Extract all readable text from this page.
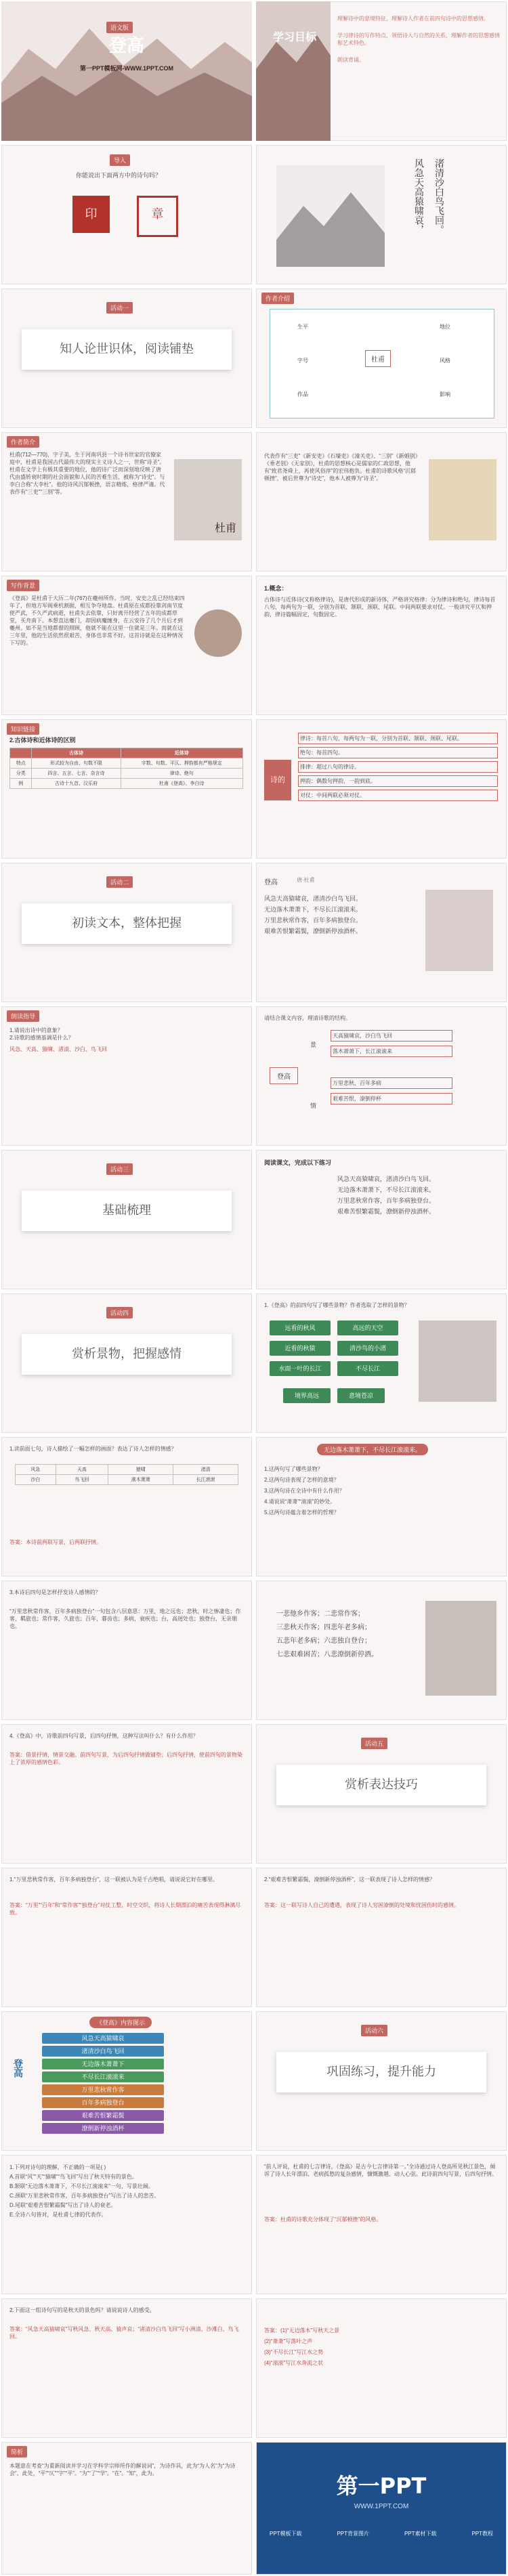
语文版
登高
第一PPT模板网-WWW.1PPT.COM
学习目标
理解诗中的意境特征，理解诗人作者在前四句诗中的思想感情。
学习律诗的写作特点，领悟诗人与自然的关系，理解作者的思想感情和艺术特色。
朗读背诵。
导入
你能说出下面两方中的诗句吗？
印	章	风急天高猿啸哀， 渚清沙白鸟飞回。
活动一
知人论世识体，阅读铺垫
作者介绍
杜甫
生平
字号
作品
地位
风格
影响
作者简介
杜甫(712—770)，字子美，生于河南巩县一个诗书世家的官僚家庭中，杜甫是我国古代最伟大的现实主义诗人之一，世称“诗圣”。杜甫在文学上有极其重要的地位，他的诗广泛而深刻地反映了唐代由盛转衰时期的社会面貌和人民的苦难生活，被称为“诗史”。与李白合称“大李杜”。他的诗风沉郁顿挫，语言精炼，格律严谨。代表作有“三吏”“三别”等。
杜甫
代表作有“三吏”《新安吏》《石壕吏》《潼关吏》、“三别”《新婚别》《垂老别》《无家别》，杜甫的思想核心是儒家的仁政思想，他有“致君尧舜上，再使风俗淳”的宏伟抱负。杜甫的诗歌风格“沉郁顿挫”，被后世尊为“诗史”，他本人被尊为“诗圣”。
写作背景
《登高》是杜甫于大历二年(767)在夔州所作。当时，安史之乱已经结束四年了，但地方军阀乘机割据，相互争夺地盘。杜甫原在成都投靠剑南节度使严武，不久严武病逝，杜甫失去依靠，只好离开经营了五年的成都草堂，买舟南下。本想直达夔门，却因病魔缠身，在云安待了几个月后才到夔州。如不是当地都督的照顾，他就不能在这里一住就是三年。而就在这三年里，他的生活依然很艰苦，身体也非常不好。这首诗就是在这种情况下写的。
1.概念：
古体诗与近体诗(又称格律诗)，是唐代形成的新诗体，严格讲究格律：分为律诗和绝句，律诗每首八句，每两句为一联，分别为首联、颔联、颈联、尾联。中间两联要求对仗。一般讲究平仄和押韵，律诗篇幅固定，句数固定。
知识链接
2.古体诗和近体诗的区别
	古体诗	近体诗
特点	形式较为自由，句数不限	字数、句数、平仄、押韵都有严格规定
分类	四言、五言、七言、杂言诗	律诗、绝句
例	古诗十九首、汉乐府	杜甫《登高》、李白诗	诗的
律诗：每首八句，每两句为一联，分别为首联、颔联、颈联、尾联。
绝句：每首四句。
排律：超过八句的律诗。
押韵：偶数句押韵，一韵到底。
对仗：中间两联必须对仗。
活动二
初读文本，整体把握
登高	唐·杜甫
风急天高猿啸哀，渚清沙白鸟飞回。
无边落木萧萧下，不尽长江滚滚来。
万里悲秋常作客，百年多病独登台。
艰难苦恨繁霜鬓，潦倒新停浊酒杯。
朗读指导
1.请说出诗中的意象？
2.诗歌的感情基调是什么？
风急、天高、猿啸、渚清、沙白、鸟飞回
请结合课文内容，理清诗歌的结构。
登高
景
情
天高猿啸哀，沙白鸟飞回
落木萧萧下，长江滚滚来
万里悲秋，百年多病
艰难苦恨，潦倒停杯
活动三
基础梳理
阅读课文，完成以下练习
风急天高猿啸哀，渚清沙白鸟飞回。
无边落木萧萧下，不尽长江滚滚来。
万里悲秋常作客，百年多病独登台。
艰难苦恨繁霜鬓，潦倒新停浊酒杯。
活动四
赏析景物，把握感情
1.《登高》的前四句写了哪些景物？作者选取了怎样的景物？
远看的秋风	高远的天空
近看的秋猿	清沙鸟的小渚
水面一叶的长江	不尽长江
境界高远	意境苍凉
1.读前面七句，诗人描绘了一幅怎样的画面？表达了诗人怎样的情感？
风急	天高	猿啸	渚清
沙白	鸟飞回	落木萧萧	长江滚滚
答案：本诗前两联写景，后两联抒情。
无边落木萧萧下，不尽长江滚滚来。
1.这两句写了哪些景物？
2.这两句诗表现了怎样的意境？
3.这两句诗在全诗中有什么作用？
4.请说说“萧萧”“滚滚”的妙处。
5.这两句诗蕴含着怎样的哲理？
3.本诗后四句是怎样抒发诗人感情的？
“万里悲秋常作客，百年多病独登台”一句包含八层意思：万里，地之远也；悲秋，时之惨凄也；作客，羁旅也；常作客，久旅也；百年，暮齿也；多病，衰疾也；台，高迥处也；独登台，无亲朋也。
一悲他乡作客；二悲常作客；
三悲秋天作客；四悲年老多病；
五悲年老多病；六悲独自登台；
七悲艰难困苦；八悲潦倒新停酒。
4.《登高》中，诗歌前四句写景，后四句抒情，这种写法叫什么？有什么作用？
答案：借景抒情，情景交融。前四句写景，为后四句抒情做铺垫；后四句抒情，使前四句的景物染上了浓厚的感情色彩。
活动五
赏析表达技巧
1.“万里悲秋常作客，百年多病独登台”，这一联被认为是千古绝唱，请说说它好在哪里。
答案：“万里”“百年”和“常作客”“独登台”对仗工整，时空交织，将诗人长期漂泊的痛苦表现得淋漓尽致。
2.“艰难苦恨繁霜鬓，潦倒新停浊酒杯”，这一联表现了诗人怎样的情感？
答案：这一联写诗人自己的遭遇，表现了诗人穷困潦倒的处境和忧国伤时的感情。
《登高》内容图示
登高
风急天高猿啸哀
渚清沙白鸟飞回
无边落木萧萧下
不尽长江滚滚来
万里悲秋常作客
百年多病独登台
艰难苦恨繁霜鬓
潦倒新停浊酒杯
活动六
巩固练习，提升能力
1.下列对诗句的理解，不正确的一项是( )
A.首联“风”“天”“猿啸”“鸟飞回”写出了秋天特有的景色。
B.颔联“无边落木萧萧下，不尽长江滚滚来”一句，写景壮阔。
C.颈联“万里悲秋常作客，百年多病独登台”写出了诗人的悲苦。
D.尾联“艰难苦恨繁霜鬓”写出了诗人的衰老。
E.全诗八句皆对，是杜甫七律的代表作。
“前人评说，杜甫的七言律诗，《登高》是古今七言律诗第一。”全诗通过诗人登高所见秋江景色，倾诉了诗人长年漂泊、老病孤愁的复杂感情，慷慨激越、动人心弦。此诗前四句写景，后四句抒情。
答案：杜甫的诗歌充分体现了“沉郁顿挫”的风格。
2.下面这一组诗句写的是秋天的景色吗？请说说诗人的感受。
答案：“风急天高猿啸哀”写秋风急、秋天高、猿声哀；“渚清沙白鸟飞回”写小洲清、沙滩白、鸟飞回。
答案：(1)“无边落木”写秋天之景
(2)“萧萧”写落叶之声
(3)“不尽长江”写江水之势
(4)“滚滚”写江水奔流之状
简析
本题意在考查“为重新阅读并学习在学科学宗师所作的解说词”，为诗作具，此为“为人名”为“为诗会”。此处，“平”“仄”“字”“平”。“为”“了”“学”。“在”。“知”，此为。	第一PPT
WWW.1PPT.COM
PPT模板下载	PPT背景图片	PPT素材下载	PPT教程
